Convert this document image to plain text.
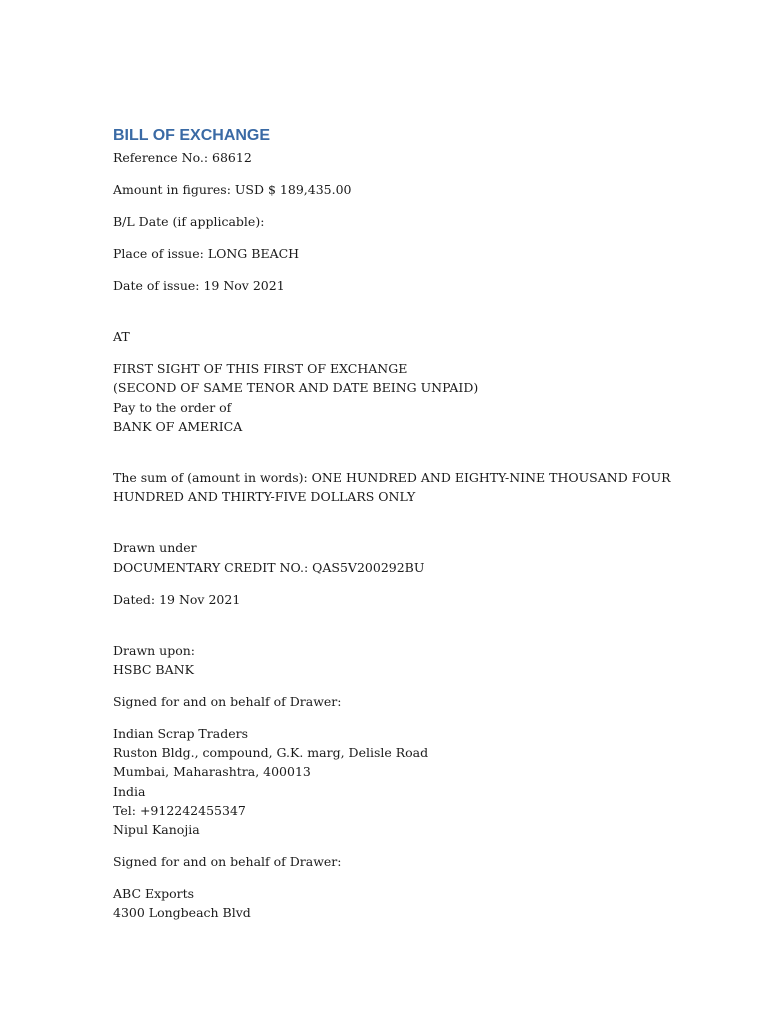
BILL OF EXCHANGE
Reference No.: 68612
Amount in figures: USD $ 189,435.00
B/L Date (if applicable):
Place of issue: LONG BEACH
Date of issue: 19 Nov 2021
AT
FIRST SIGHT OF THIS FIRST OF EXCHANGE
(SECOND OF SAME TENOR AND DATE BEING UNPAID)
Pay to the order of
BANK OF AMERICA
The sum of (amount in words): ONE HUNDRED AND EIGHTY-NINE THOUSAND FOUR
HUNDRED AND THIRTY-FIVE DOLLARS ONLY
Drawn under
DOCUMENTARY CREDIT NO.: QAS5V200292BU
Dated: 19 Nov 2021
Drawn upon:
HSBC BANK
Signed for and on behalf of Drawer:
Indian Scrap Traders
Ruston Bldg., compound, G.K. marg, Delisle Road
Mumbai, Maharashtra, 400013
India
Tel: +912242455347
Nipul Kanojia
Signed for and on behalf of Drawer:
ABC Exports
4300 Longbeach Blvd
